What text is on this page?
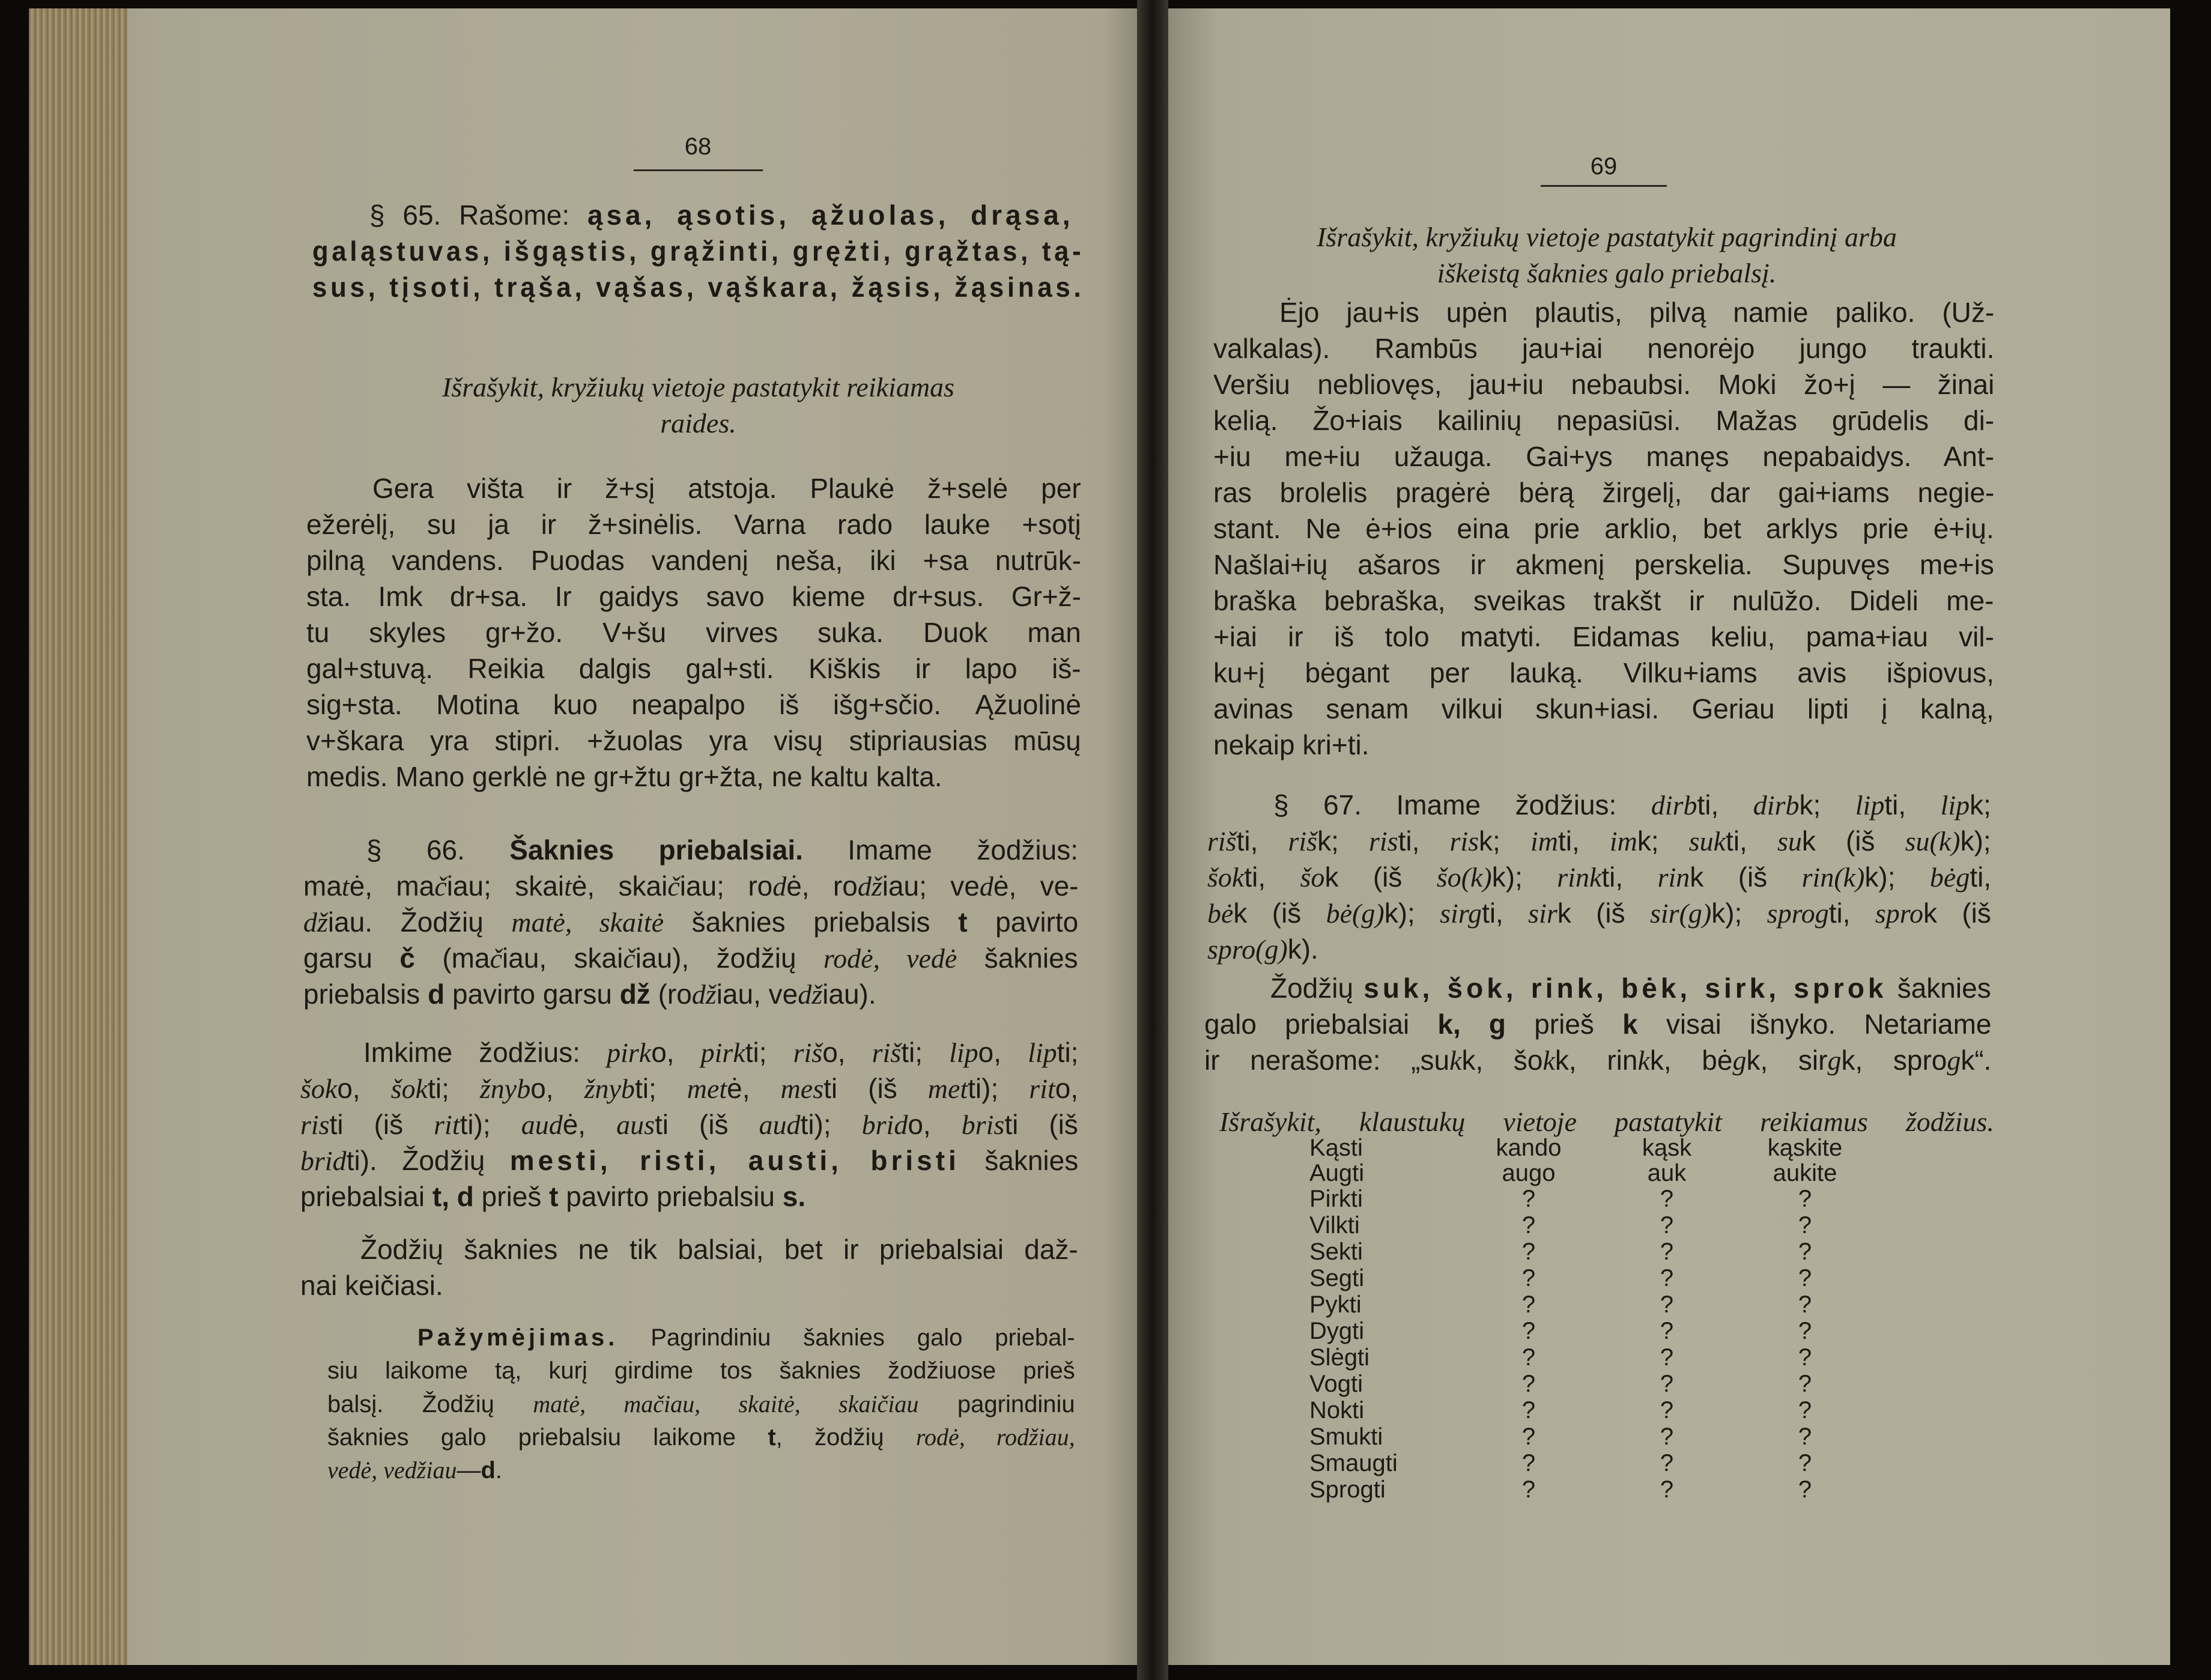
68
§ 65. Rašome: ąsa, ąsotis, ąžuolas, drąsa,
galąstuvas, išgąstis, grąžinti, grężti, grąžtas, tą-
sus, tįsoti, trąša, vąšas, vąškara, žąsis, žąsinas.
Išrašykit, kryžiukų vietoje pastatykit reikiamas
raides.
Gera višta ir ž+sį atstoja. Plaukė ž+selė per
ežerėlį, su ja ir ž+sinėlis. Varna rado lauke +sotį
pilną vandens. Puodas vandenį neša, iki +sa nutrūk-
sta. Imk dr+sa. Ir gaidys savo kieme dr+sus. Gr+ž-
tu skyles gr+žo. V+šu virves suka. Duok man
gal+stuvą. Reikia dalgis gal+sti. Kiškis ir lapo iš-
sig+sta. Motina kuo neapalpo iš išg+sčio. Ąžuolinė
v+škara yra stipri. +žuolas yra visų stipriausias mūsų
medis. Mano gerklė ne gr+žtu gr+žta, ne kaltu kalta.
§ 66. Šaknies priebalsiai. Imame žodžius:
matė, mačiau; skaitė, skaičiau; rodė, rodžiau; vedė, ve-
džiau. Žodžių matė, skaitė šaknies priebalsis t pavirto
garsu č (mačiau, skaičiau), žodžių rodė, vedė šaknies
priebalsis d pavirto garsu dž (rodžiau, vedžiau).
Imkime žodžius: pirko, pirkti; rišo, rišti; lipo, lipti;
šoko, šokti; žnybo, žnybti; metė, mesti (iš metti); rito,
risti (iš ritti); audė, austi (iš audti); brido, bristi (iš
bridti). Žodžių mesti, risti, austi, bristi šaknies
priebalsiai t, d prieš t pavirto priebalsiu s.
Žodžių šaknies ne tik balsiai, bet ir priebalsiai daž-
nai keičiasi.
Pažymėjimas. Pagrindiniu šaknies galo priebal-
siu laikome tą, kurį girdime tos šaknies žodžiuose prieš
balsį. Žodžių matė, mačiau, skaitė, skaičiau pagrindiniu
šaknies galo priebalsiu laikome t, žodžių rodė, rodžiau,
vedė, vedžiau—d.
69
Išrašykit, kryžiukų vietoje pastatykit pagrindinį arba
iškeistą šaknies galo priebalsį.
Ėjo jau+is upėn plautis, pilvą namie paliko. (Už-
valkalas). Rambūs jau+iai nenorėjo jungo traukti.
Veršiu nebliovęs, jau+iu nebaubsi. Moki žo+į — žinai
kelią. Žo+iais kailinių nepasiūsi. Mažas grūdelis di-
+iu me+iu užauga. Gai+ys manęs nepabaidys. Ant-
ras brolelis pragėrė bėrą žirgelį, dar gai+iams negie-
stant. Ne ė+ios eina prie arklio, bet arklys prie ė+ių.
Našlai+ių ašaros ir akmenį perskelia. Supuvęs me+is
braška bebraška, sveikas trakšt ir nulūžo. Dideli me-
+iai ir iš tolo matyti. Eidamas keliu, pama+iau vil-
ku+į bėgant per lauką. Vilku+iams avis išpiovus,
avinas senam vilkui skun+iasi. Geriau lipti į kalną,
nekaip kri+ti.
§ 67. Imame žodžius: dirbti, dirbk; lipti, lipk;
rišti, rišk; risti, risk; imti, imk; sukti, suk (iš su(k)k);
šokti, šok (iš šo(k)k); rinkti, rink (iš rin(k)k); bėgti,
bėk (iš bė(g)k); sirgti, sirk (iš sir(g)k); sprogti, sprok (iš
spro(g)k).
Žodžių suk, šok, rink, bėk, sirk, sprok šaknies
galo priebalsiai k, g prieš k visai išnyko. Netariame
ir nerašome: „sukk, šokk, rinkk, bėgk, sirgk, sprogk“.
Išrašykit, klaustukų vietoje pastatykit reikiamus žodžius.
Kąsti	kando	kąsk	kąskite
Augti	augo	auk	aukite
Pirkti	?	?	?
Vilkti	?	?	?
Sekti	?	?	?
Segti	?	?	?
Pykti	?	?	?
Dygti	?	?	?
Slėgti	?	?	?
Vogti	?	?	?
Nokti	?	?	?
Smukti	?	?	?
Smaugti	?	?	?
Sprogti	?	?	?
